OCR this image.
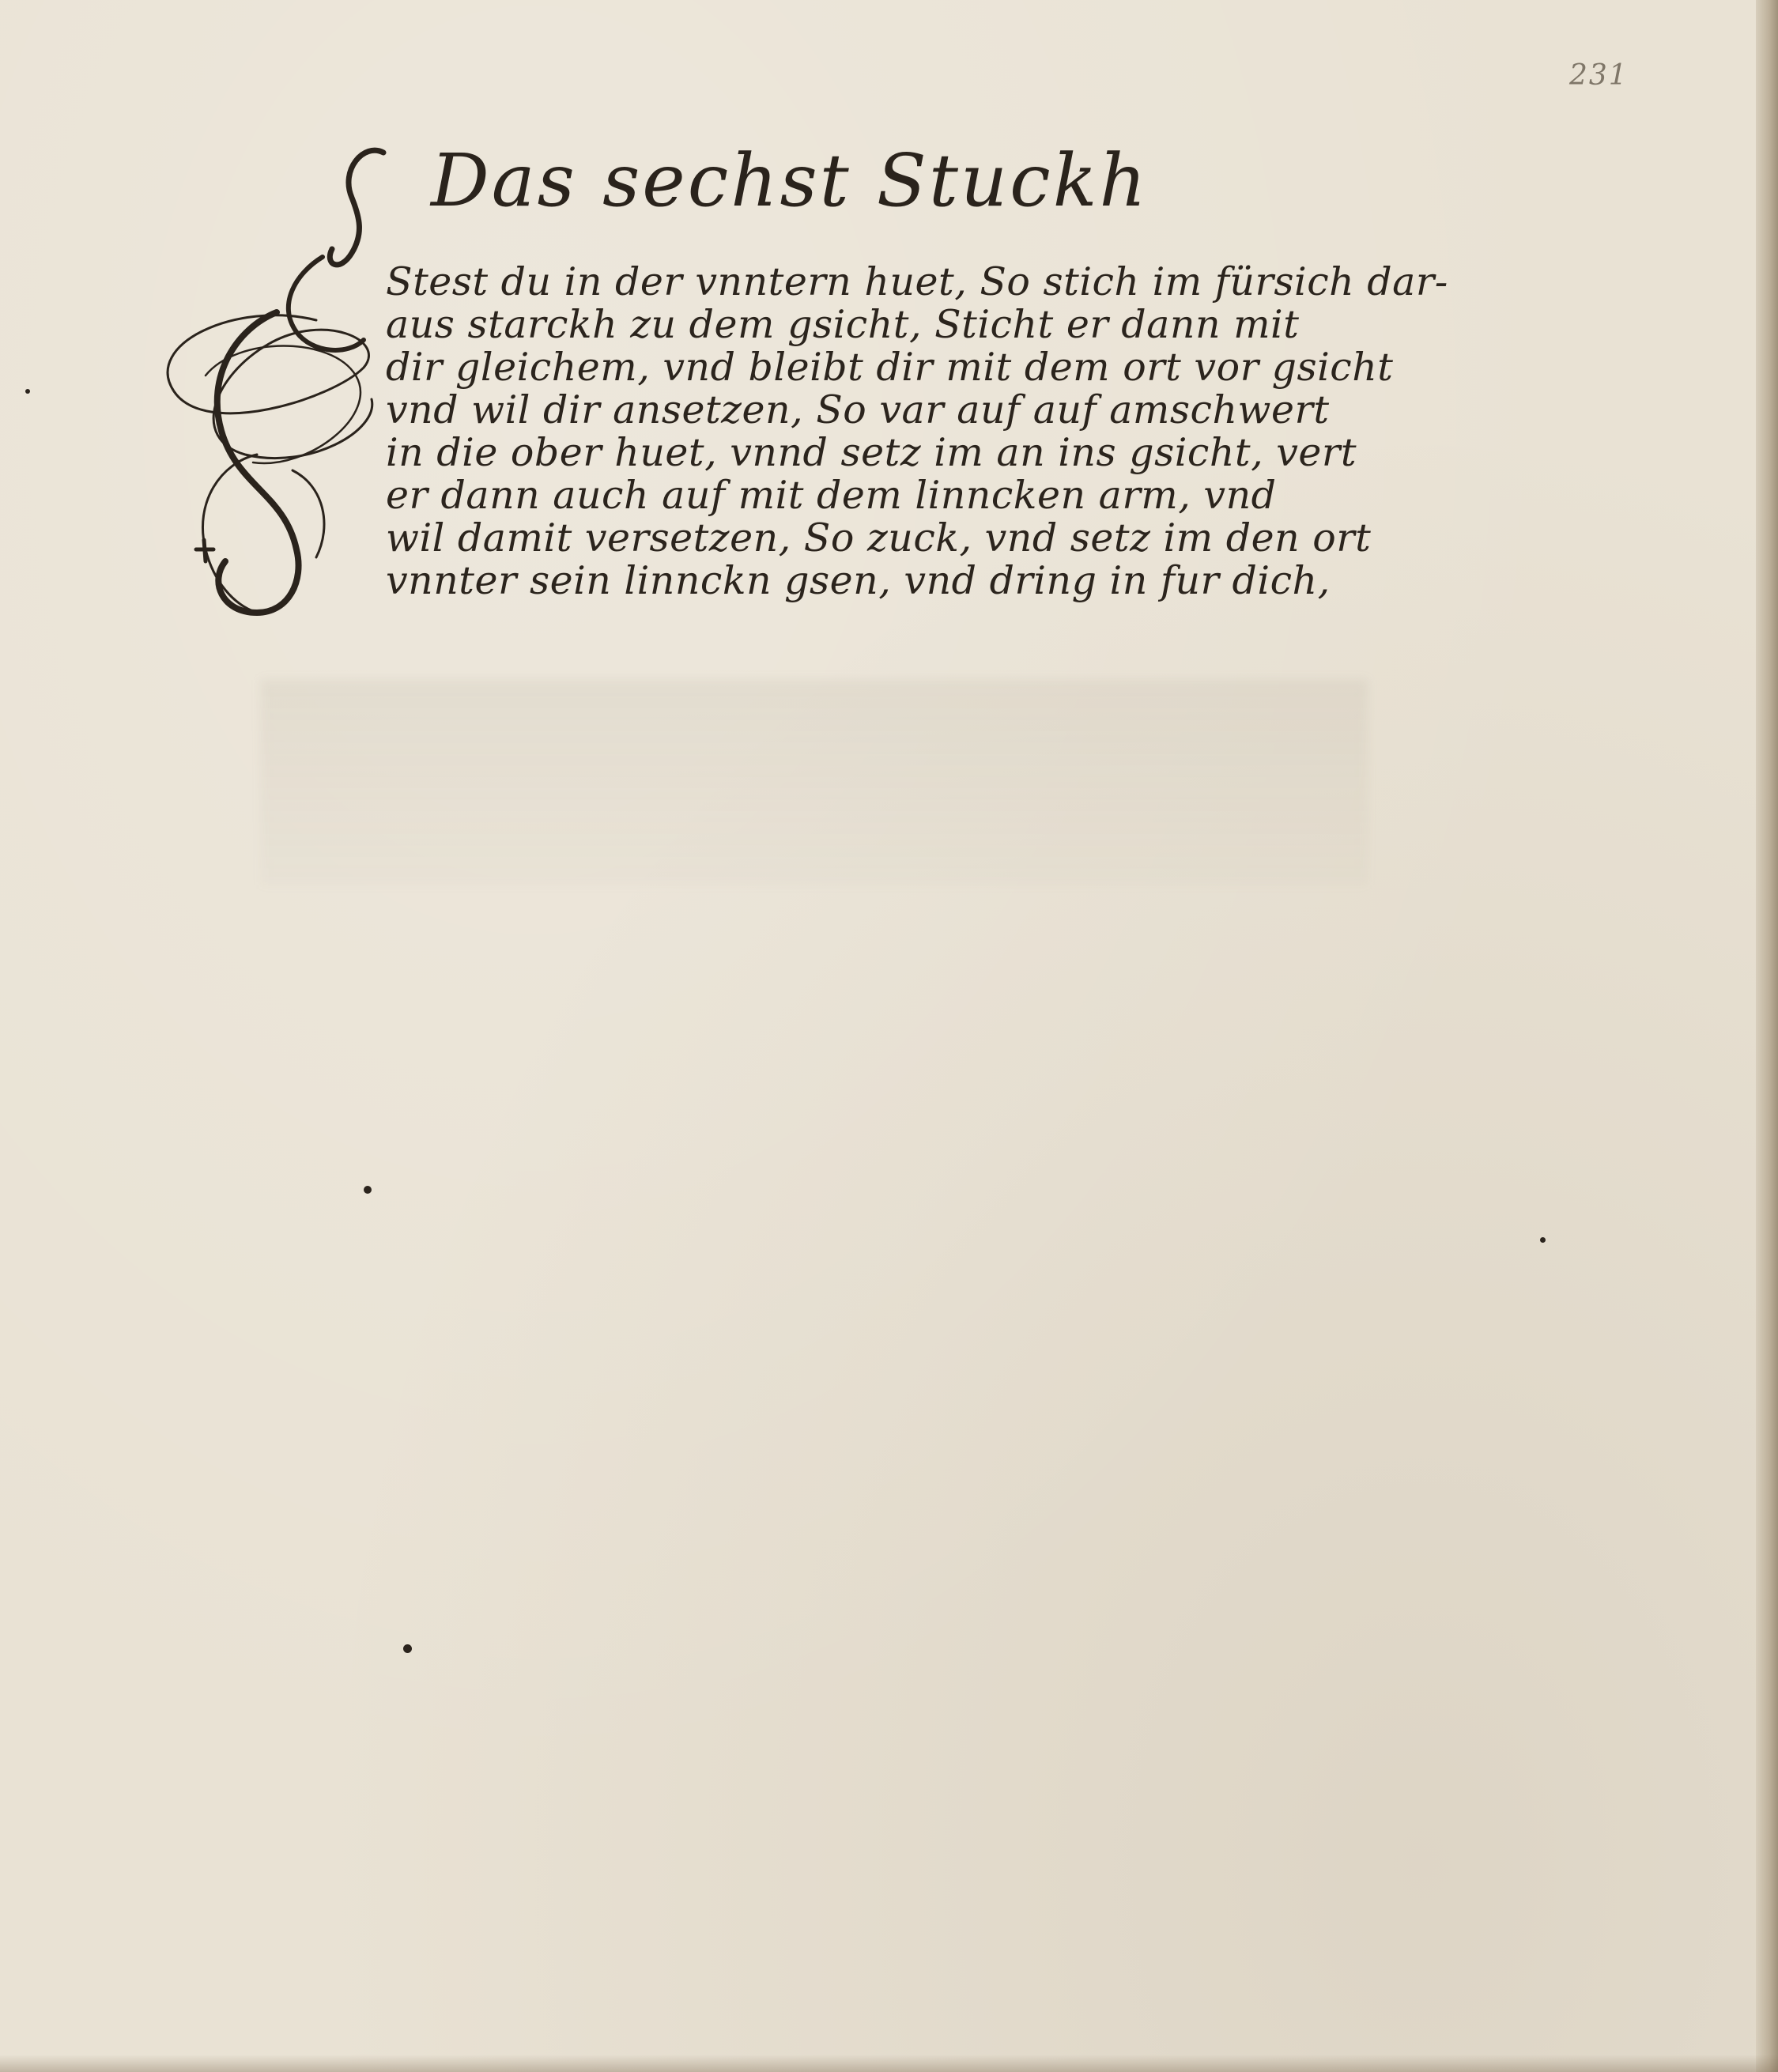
231
Das sechst Stuckh
Stest du in der vnntern huet, So stich im fürsich dar-
aus starckh zu dem gsicht, Sticht er dann mit
dir gleichem, vnd bleibt dir mit dem ort vor gsicht
vnd wil dir ansetzen, So var auf auf amschwert
in die ober huet, vnnd setz im an ins gsicht, vert
er dann auch auf mit dem linncken arm, vnd
wil damit versetzen, So zuck, vnd setz im den ort
vnnter sein linnckn gsen, vnd dring in fur dich,
